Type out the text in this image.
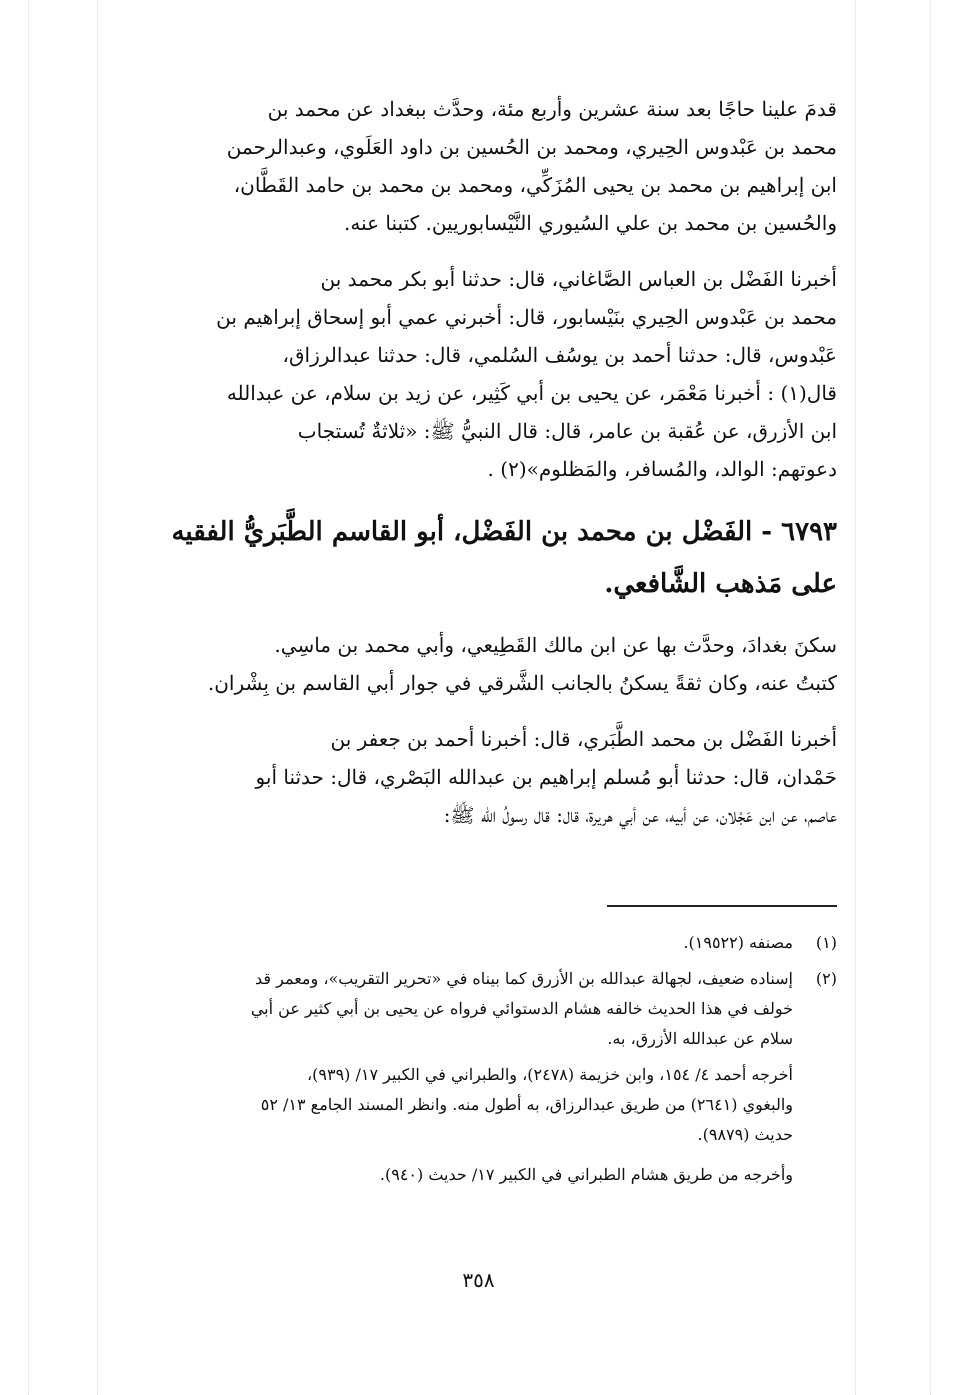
قدمَ علينا حاجًا بعد سنة عشرين وأربع مئة، وحدَّث ببغداد عن محمد بن

محمد بن عَبْدوس الحِيري، ومحمد بن الحُسين بن داود العَلَوي، وعبدالرحمن

ابن إبراهيم بن محمد بن يحيى المُزَكِّي، ومحمد بن محمد بن حامد القَطَّان،

والحُسين بن محمد بن علي السُيوري النَّيْسابوريين. كتبنا عنه.

أخبرنا الفَضْل بن العباس الصَّاغاني، قال: حدثنا أبو بكر محمد بن

محمد بن عَبْدوس الحِيري بنَيْسابور، قال: أخبرني عمي أبو إسحاق إبراهيم بن

عَبْدوس، قال: حدثنا أحمد بن يوسُف السُلمي، قال: حدثنا عبدالرزاق،

قال(١) : أخبرنا مَعْمَر، عن يحيى بن أبي كَثِير، عن زيد بن سلام، عن عبدالله

ابن الأزرق، عن عُقبة بن عامر، قال: قال النبيُّ ﷺ: «ثلاثةٌ تُستجاب

دعوتهم: الوالد، والمُسافر، والمَظلوم»(٢) .

٦٧٩٣ - الفَضْل بن محمد بن الفَضْل، أبو القاسم الطَّبَريُّ الفقيه
على مَذهب الشَّافعي.

سكنَ بغدادَ، وحدَّث بها عن ابن مالك القَطِيعي، وأبي محمد بن ماسِي.

كتبتُ عنه، وكان ثقةً يسكنُ بالجانب الشَّرقي في جوار أبي القاسم بن بِشْران.

أخبرنا الفَضْل بن محمد الطَّبَري، قال: أخبرنا أحمد بن جعفر بن

حَمْدان، قال: حدثنا أبو مُسلم إبراهيم بن عبدالله البَصْري، قال: حدثنا أبو

عاصم، عن ابن عَجْلان، عن أبيه، عن أبي هريرة، قال: قال رسولُ الله ﷺ:

(١)

مصنفه (١٩٥٢٢).

(٢)

إسناده ضعيف، لجهالة عبدالله بن الأزرق كما بيناه في «تحرير التقريب»، ومعمر قد

خولف في هذا الحديث خالفه هشام الدستوائي فرواه عن يحيى بن أبي كثير عن أبي

سلام عن عبدالله الأزرق، به.

أخرجه أحمد ٤/ ١٥٤، وابن خزيمة (٢٤٧٨)، والطبراني في الكبير ١٧/ (٩٣٩)،

والبغوي (٢٦٤١) من طريق عبدالرزاق، به أطول منه. وانظر المسند الجامع ١٣/ ٥٢

حديث (٩٨٧٩).

وأخرجه من طريق هشام الطبراني في الكبير ١٧/ حديث (٩٤٠).

٣٥٨
